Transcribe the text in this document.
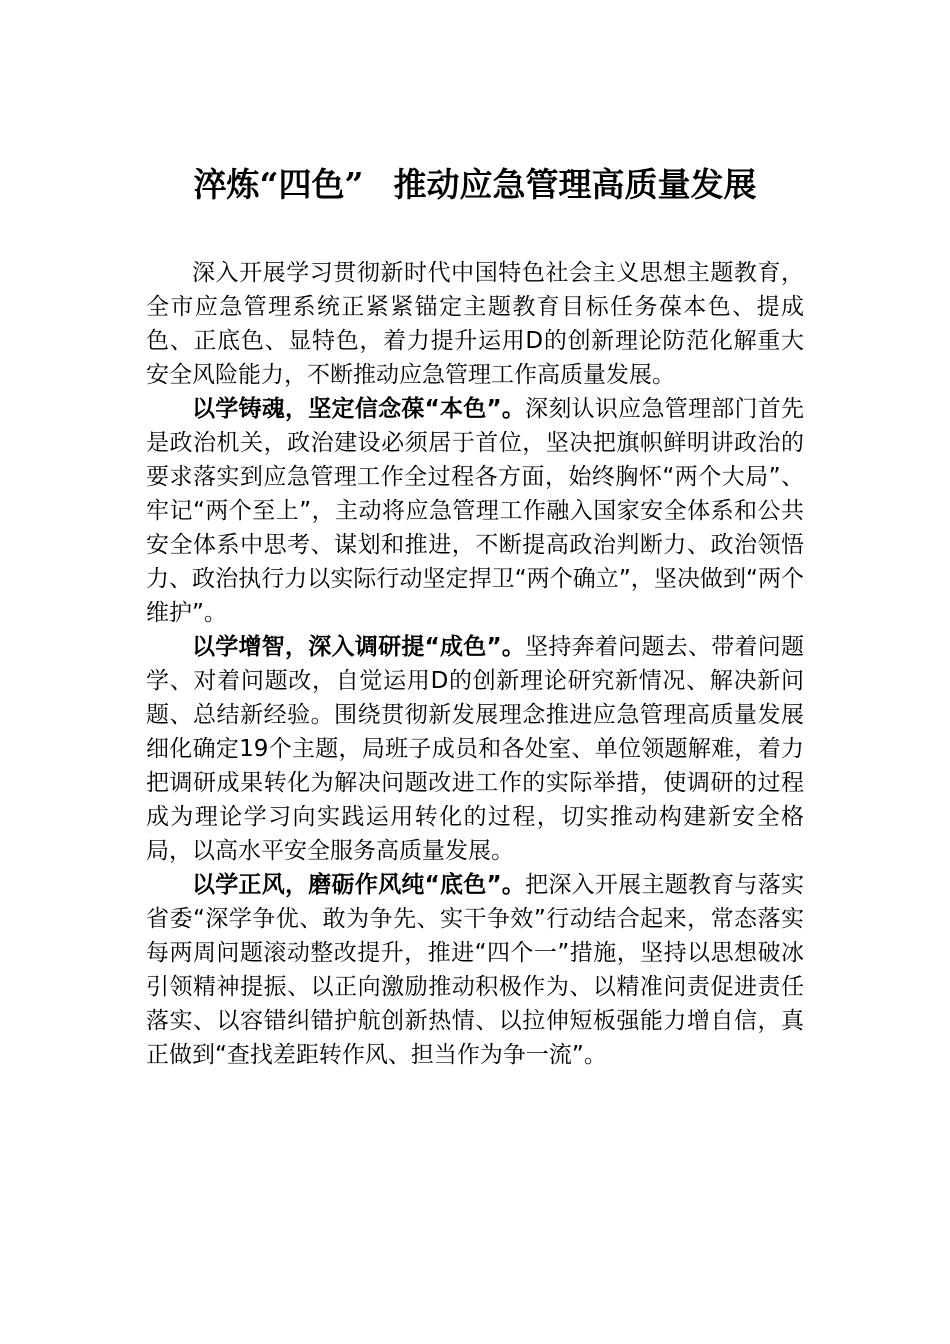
淬炼“四色” 推动应急管理高质量发展

深入开展学习贯彻新时代中国特色社会主义思想主题教育，全市应急管理系统正紧紧锚定主题教育目标任务葆本色、提成色、正底色、显特色，着力提升运用D的创新理论防范化解重大安全风险能力，不断推动应急管理工作高质量发展。

以学铸魂，坚定信念葆“本色”。深刻认识应急管理部门首先是政治机关，政治建设必须居于首位，坚决把旗帜鲜明讲政治的要求落实到应急管理工作全过程各方面，始终胸怀“两个大局”、牢记“两个至上”，主动将应急管理工作融入国家安全体系和公共安全体系中思考、谋划和推进，不断提高政治判断力、政治领悟力、政治执行力以实际行动坚定捍卫“两个确立”，坚决做到“两个维护”。

以学增智，深入调研提“成色”。坚持奔着问题去、带着问题学、对着问题改，自觉运用D的创新理论研究新情况、解决新问题、总结新经验。围绕贯彻新发展理念推进应急管理高质量发展细化确定19个主题，局班子成员和各处室、单位领题解难，着力把调研成果转化为解决问题改进工作的实际举措，使调研的过程成为理论学习向实践运用转化的过程，切实推动构建新安全格局，以高水平安全服务高质量发展。

以学正风，磨砺作风纯“底色”。把深入开展主题教育与落实省委“深学争优、敢为争先、实干争效”行动结合起来，常态落实每两周问题滚动整改提升，推进“四个一”措施，坚持以思想破冰引领精神提振、以正向激励推动积极作为、以精准问责促进责任落实、以容错纠错护航创新热情、以拉伸短板强能力增自信，真正做到“查找差距转作风、担当作为争一流”。
